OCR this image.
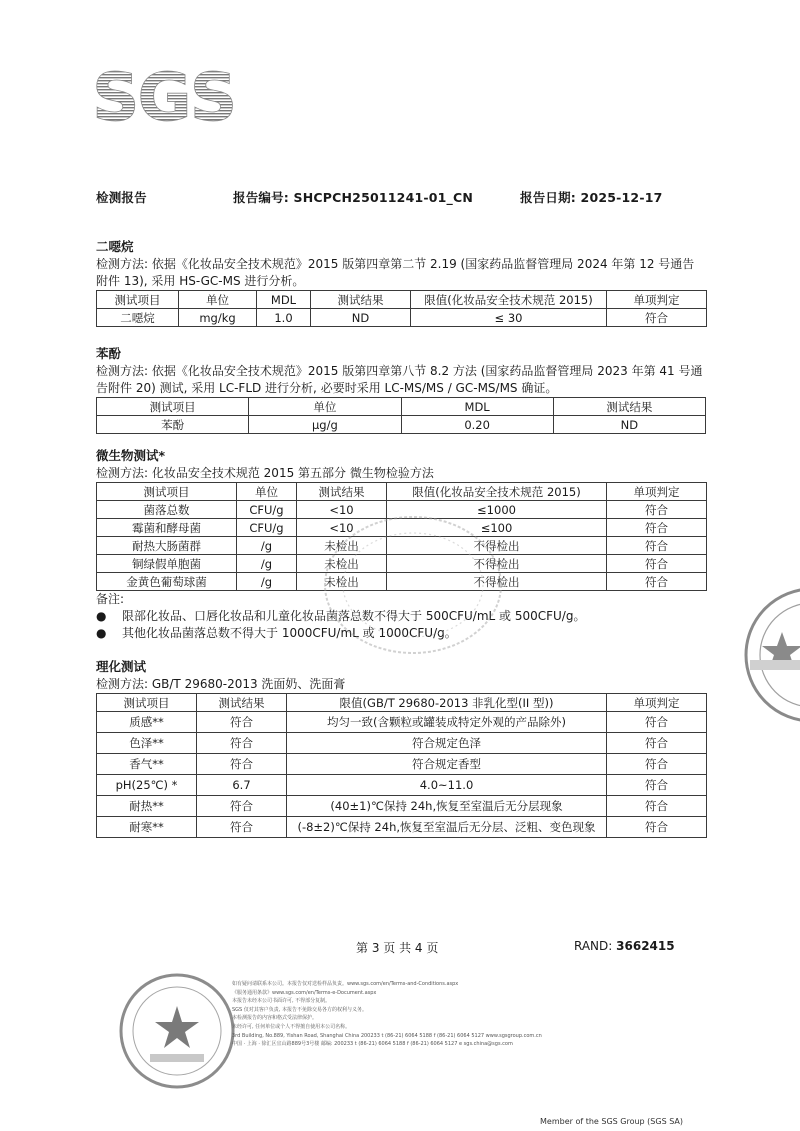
SGS
检测报告	报告编号: SHCPCH25011241-01_CN	报告日期: 2025-12-17
二噁烷
检测方法: 依据《化妆品安全技术规范》2015 版第四章第二节 2.19 (国家药品监督管理局 2024 年第 12 号通告附件 13), 采用 HS-GC-MS 进行分析。
测试项目	单位	MDL	测试结果	限值(化妆品安全技术规范 2015)	单项判定
二噁烷	mg/kg	1.0	ND	≤ 30	符合
苯酚
检测方法: 依据《化妆品安全技术规范》2015 版第四章第八节 8.2 方法 (国家药品监督管理局 2023 年第 41 号通告附件 20) 测试, 采用 LC-FLD 进行分析, 必要时采用 LC-MS/MS / GC-MS/MS 确证。
测试项目	单位	MDL	测试结果
苯酚	μg/g	0.20	ND
微生物测试*
检测方法: 化妆品安全技术规范 2015 第五部分 微生物检验方法
测试项目	单位	测试结果	限值(化妆品安全技术规范 2015)	单项判定
菌落总数	CFU/g	<10	≤1000	符合
霉菌和酵母菌	CFU/g	<10	≤100	符合
耐热大肠菌群	/g	未检出	不得检出	符合
铜绿假单胞菌	/g	未检出	不得检出	符合
金黄色葡萄球菌	/g	未检出	不得检出	符合
备注:
● 限部化妆品、口唇化妆品和儿童化妆品菌落总数不得大于 500CFU/mL 或 500CFU/g。
● 其他化妆品菌落总数不得大于 1000CFU/mL 或 1000CFU/g。
理化测试
检测方法: GB/T 29680-2013 洗面奶、洗面膏
测试项目	测试结果	限值(GB/T 29680-2013 非乳化型(II 型))	单项判定
质感**	符合	均匀一致(含颗粒或罐装成特定外观的产品除外)	符合
色泽**	符合	符合规定色泽	符合
香气**	符合	符合规定香型	符合
pH(25℃) *	6.7	4.0~11.0	符合
耐热**	符合	(40±1)℃保持 24h,恢复至室温后无分层现象	符合
耐寒**	符合	(-8±2)℃保持 24h,恢复至室温后无分层、泛粗、变色现象	符合
第 3 页 共 4 页	RAND: 3662415
如有疑问请联系本公司。本报告仅对送检样品负责。www.sgs.com/en/Terms-and-Conditions.aspx
《服务通用条款》www.sgs.com/en/Terms-e-Document.aspx
本报告未经本公司书面许可, 不得部分复制。
SGS 仅对其客户负责, 本报告不免除交易各方的权利与义务。
本检测报告的内容和格式受法律保护。
未经许可, 任何单位或个人不得擅自使用本公司名称。
3rd Building, No.889, Yishan Road, Shanghai China 200233 t (86-21) 6064 5188 f (86-21) 6064 5127 www.sgsgroup.com.cn
中国 · 上海 · 徐汇区宜山路889号3号楼 邮编: 200233 t (86-21) 6064 5188 f (86-21) 6064 5127 e sgs.china@sgs.com
Member of the SGS Group (SGS SA)
